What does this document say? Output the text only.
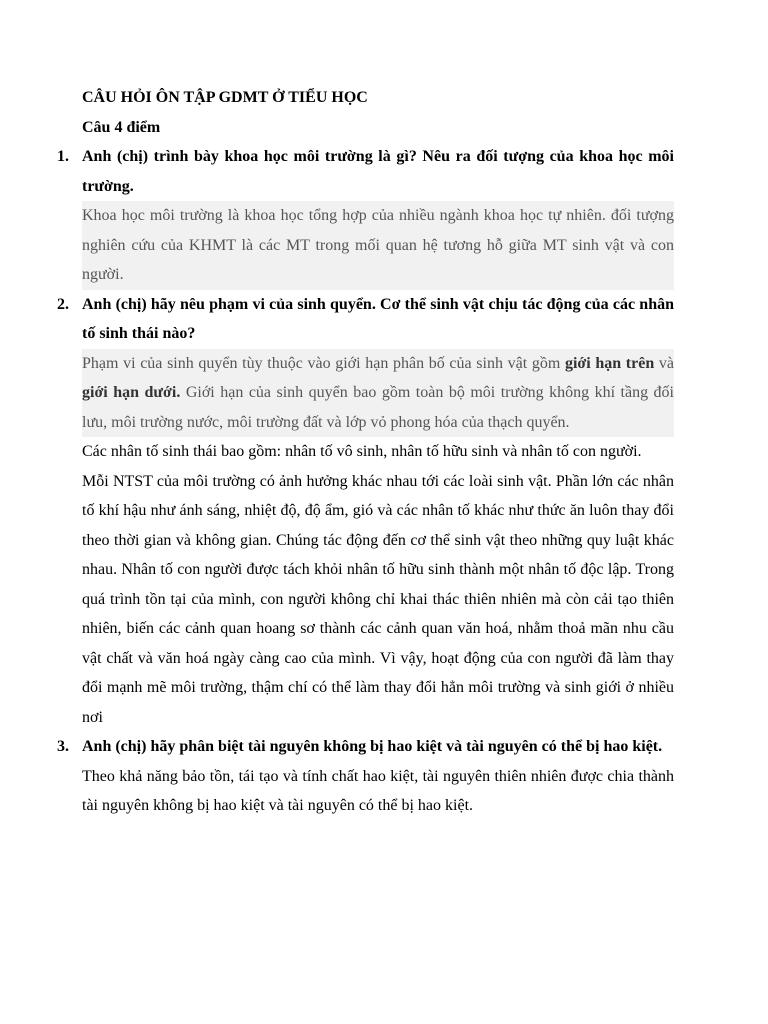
CÂU HỎI ÔN TẬP GDMT Ở TIỂU HỌC

Câu 4 điểm

1. Anh (chị) trình bày khoa học môi trường là gì? Nêu ra đối tượng của khoa học môi trường.

Khoa học môi trường là khoa học tổng hợp của nhiều ngành khoa học tự nhiên. đối tượng nghiên cứu của KHMT là các MT trong mối quan hệ tương hỗ giữa MT sinh vật và con người.

2. Anh (chị) hãy nêu phạm vi của sinh quyển. Cơ thể sinh vật chịu tác động của các nhân tố sinh thái nào?

Phạm vi của sinh quyển tùy thuộc vào giới hạn phân bố của sinh vật gồm giới hạn trên và giới hạn dưới. Giới hạn của sinh quyển bao gồm toàn bộ môi trường không khí tầng đối lưu, môi trường nước, môi trường đất và lớp vỏ phong hóa của thạch quyển.

Các nhân tố sinh thái bao gồm: nhân tố vô sinh, nhân tố hữu sinh và nhân tố con người.

Mỗi NTST của môi trường có ảnh hưởng khác nhau tới các loài sinh vật. Phần lớn các nhân tố khí hậu như ánh sáng, nhiệt độ, độ ẩm, gió và các nhân tố khác như thức ăn luôn thay đổi theo thời gian và không gian. Chúng tác động đến cơ thể sinh vật theo những quy luật khác nhau. Nhân tố con người được tách khỏi nhân tố hữu sinh thành một nhân tố độc lập. Trong quá trình tồn tại của mình, con người không chỉ khai thác thiên nhiên mà còn cải tạo thiên nhiên, biến các cảnh quan hoang sơ thành các cảnh quan văn hoá, nhằm thoả mãn nhu cầu vật chất và văn hoá ngày càng cao của mình. Vì vậy, hoạt động của con người đã làm thay đổi mạnh mẽ môi trường, thậm chí có thể làm thay đổi hẳn môi trường và sinh giới ở nhiều nơi

3. Anh (chị) hãy phân biệt tài nguyên không bị hao kiệt và tài nguyên có thể bị hao kiệt.

Theo khả năng bảo tồn, tái tạo và tính chất hao kiệt, tài nguyên thiên nhiên được chia thành tài nguyên không bị hao kiệt và tài nguyên có thể bị hao kiệt.
